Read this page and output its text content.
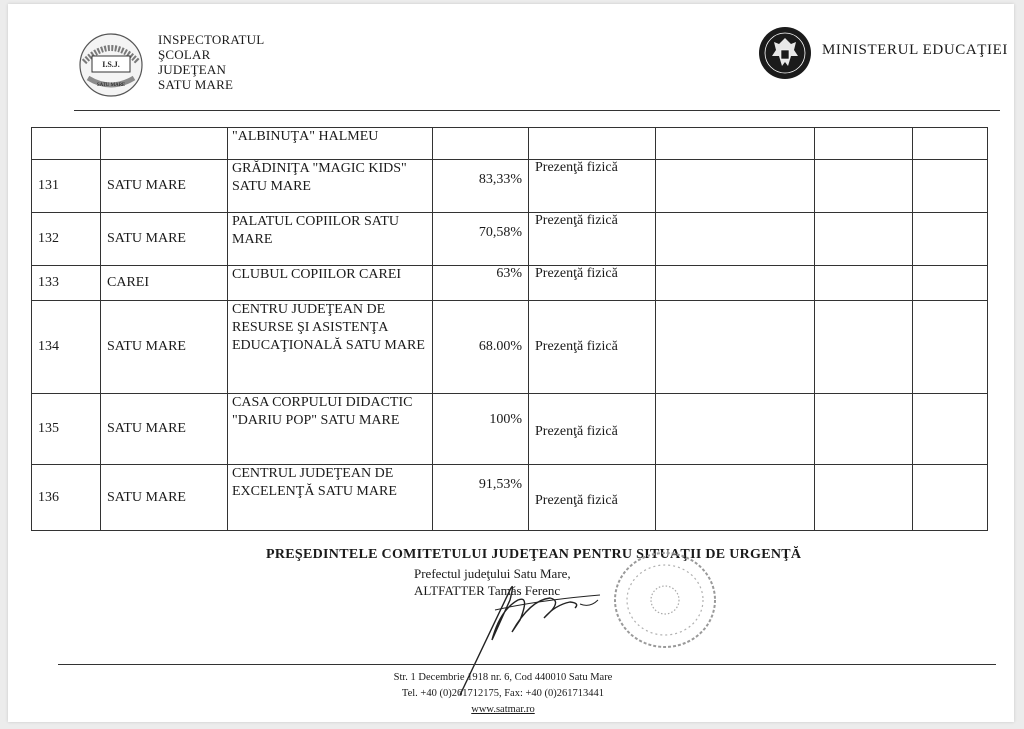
I.S.J.
SATU MARE
INSPECTORATUL
ŞCOLAR
JUDEŢEAN
SATU MARE
MINISTERUL EDUCAŢIEI
		"ALBINUŢA" HALMEU					
131	SATU MARE	GRĂDINIŢA "MAGIC KIDS" SATU MARE	83,33%	Prezenţă fizică			
132	SATU MARE	PALATUL COPIILOR SATU MARE	70,58%	Prezenţă fizică			
133	CAREI	CLUBUL COPIILOR CAREI	63%	Prezenţă fizică			
134	SATU MARE	CENTRU JUDEŢEAN DE RESURSE ŞI ASISTENŢA EDUCAŢIONALĂ SATU MARE	68.00%	Prezenţă fizică			
135	SATU MARE	CASA CORPULUI DIDACTIC "DARIU POP" SATU MARE	100%	Prezenţă fizică			
136	SATU MARE	CENTRUL JUDEŢEAN DE EXCELENŢĂ SATU MARE	91,53%	Prezenţă fizică			
PREŞEDINTELE COMITETULUI JUDEŢEAN PENTRU SITUAŢII DE URGENŢĂ
Prefectul judeţului Satu Mare,
ALTFATTER Tamás Ferenc
Str. 1 Decembrie 1918 nr. 6, Cod 440010 Satu Mare
Tel. +40 (0)261712175, Fax: +40 (0)261713441
www.satmar.ro
